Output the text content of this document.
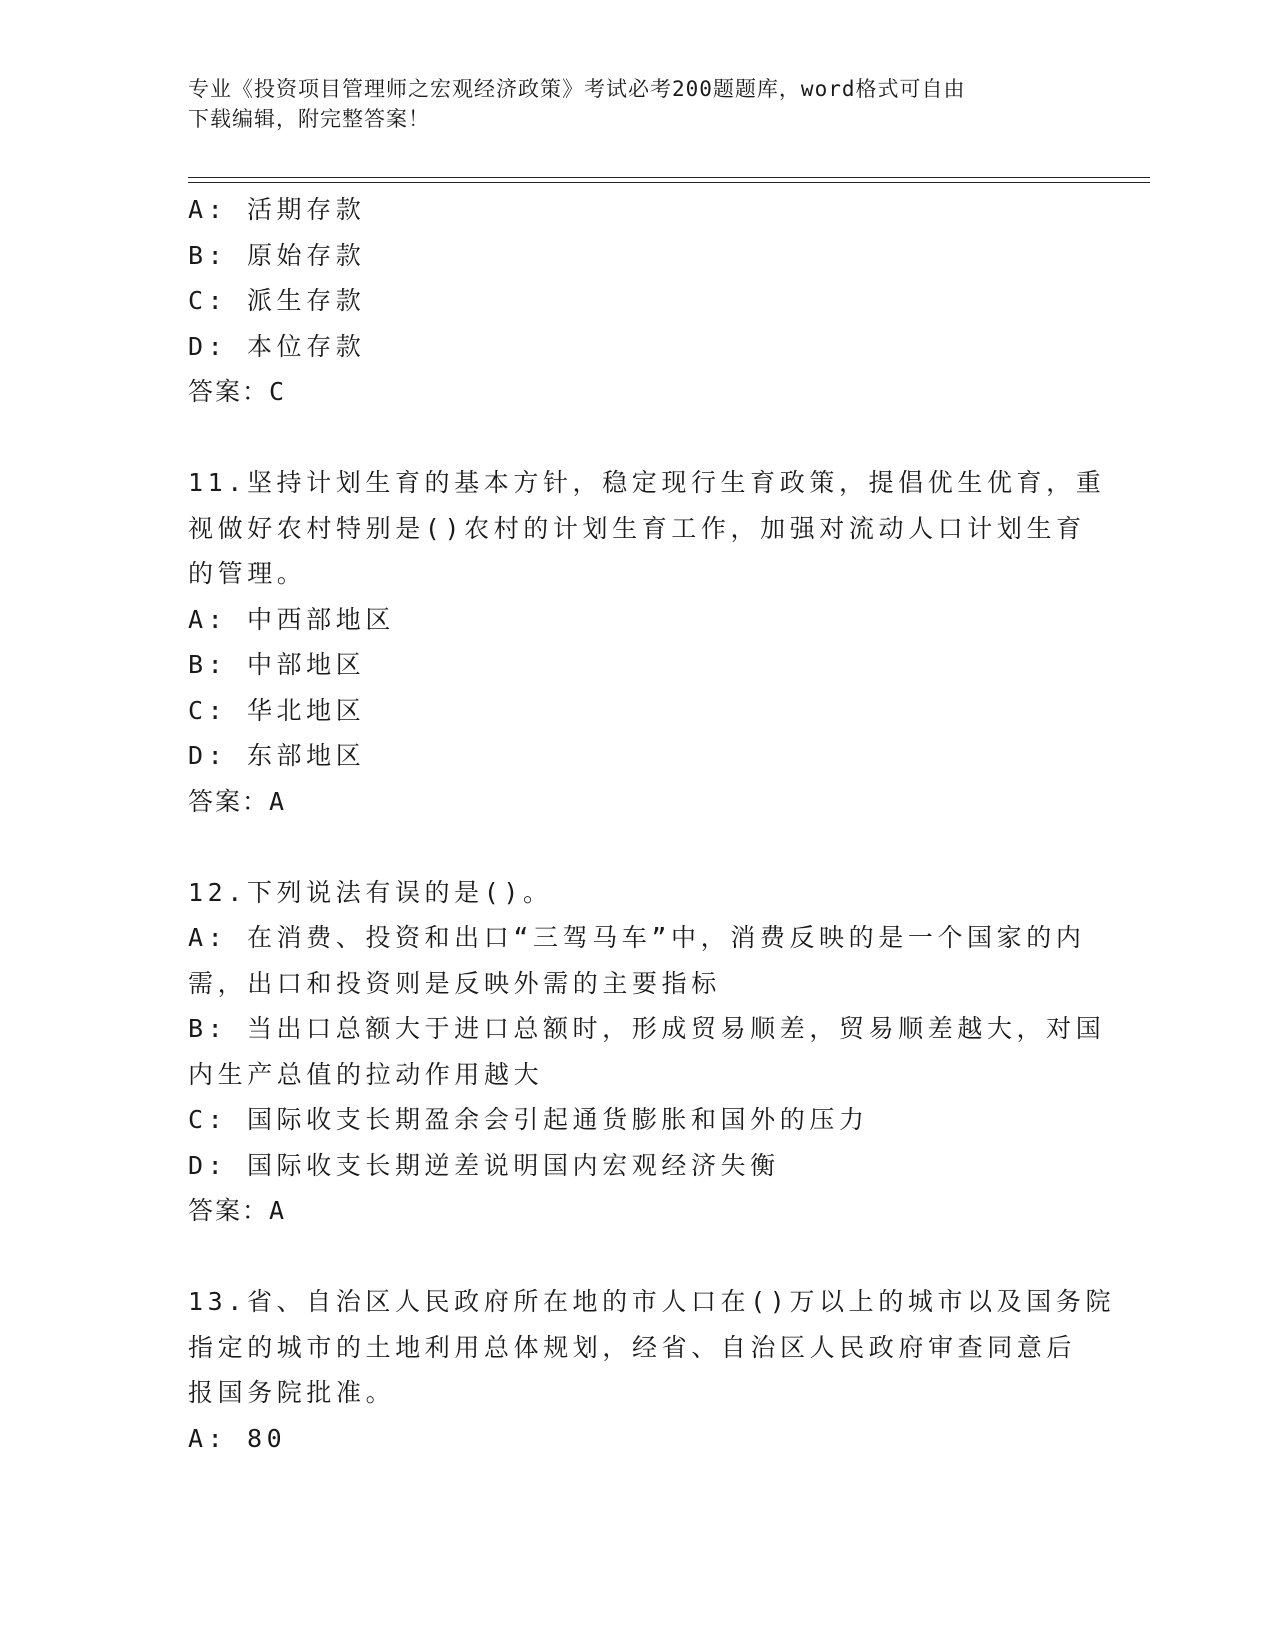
专业《投资项目管理师之宏观经济政策》考试必考200题题库，word格式可自由
下载编辑，附完整答案！
A: 活期存款
B: 原始存款
C: 派生存款
D: 本位存款
答案：C
11.坚持计划生育的基本方针，稳定现行生育政策，提倡优生优育，重
视做好农村特别是()农村的计划生育工作，加强对流动人口计划生育
的管理。
A: 中西部地区
B: 中部地区
C: 华北地区
D: 东部地区
答案：A
12.下列说法有误的是()。
A: 在消费、投资和出口“三驾马车”中，消费反映的是一个国家的内
需，出口和投资则是反映外需的主要指标
B: 当出口总额大于进口总额时，形成贸易顺差，贸易顺差越大，对国
内生产总值的拉动作用越大
C: 国际收支长期盈余会引起通货膨胀和国外的压力
D: 国际收支长期逆差说明国内宏观经济失衡
答案：A
13.省、自治区人民政府所在地的市人口在()万以上的城市以及国务院
指定的城市的土地利用总体规划，经省、自治区人民政府审查同意后
报国务院批准。
A: 80
